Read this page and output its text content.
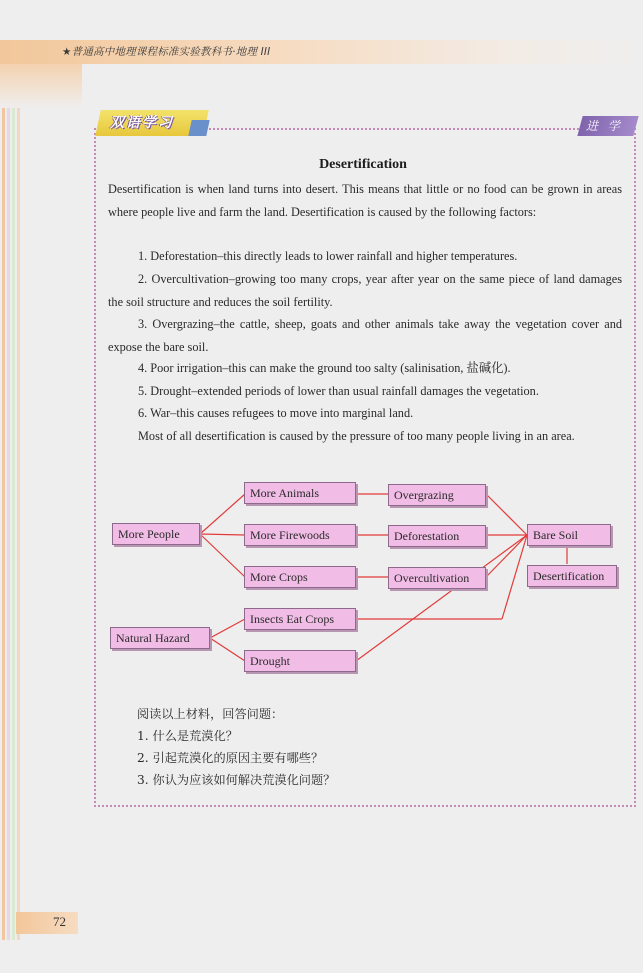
★普通高中地理课程标准实验教科书·地理 III
双语学习	进 学
Desertification
Desertification is when land turns into desert. This means that little or no food can be grown in areas where people live and farm the land. Desertification is caused by the following factors:
1. Deforestation–this directly leads to lower rainfall and higher temperatures.
2. Overcultivation–growing too many crops, year after year on the same piece of land damages the soil structure and reduces the soil fertility.
3. Overgrazing–the cattle, sheep, goats and other animals take away the vegetation cover and expose the bare soil.
4. Poor irrigation–this can make the ground too salty (salinisation, 盐碱化).
5. Drought–extended periods of lower than usual rainfall damages the vegetation.
6. War–this causes refugees to move into marginal land.
Most of all desertification is caused by the pressure of too many people living in an area.
More People
Natural Hazard
More Animals
More Firewoods
More Crops
Insects Eat Crops
Drought
Overgrazing
Deforestation
Overcultivation
Bare Soil
Desertification
阅读以上材料，回答问题：
1. 什么是荒漠化？
2. 引起荒漠化的原因主要有哪些？
3. 你认为应该如何解决荒漠化问题？
72
